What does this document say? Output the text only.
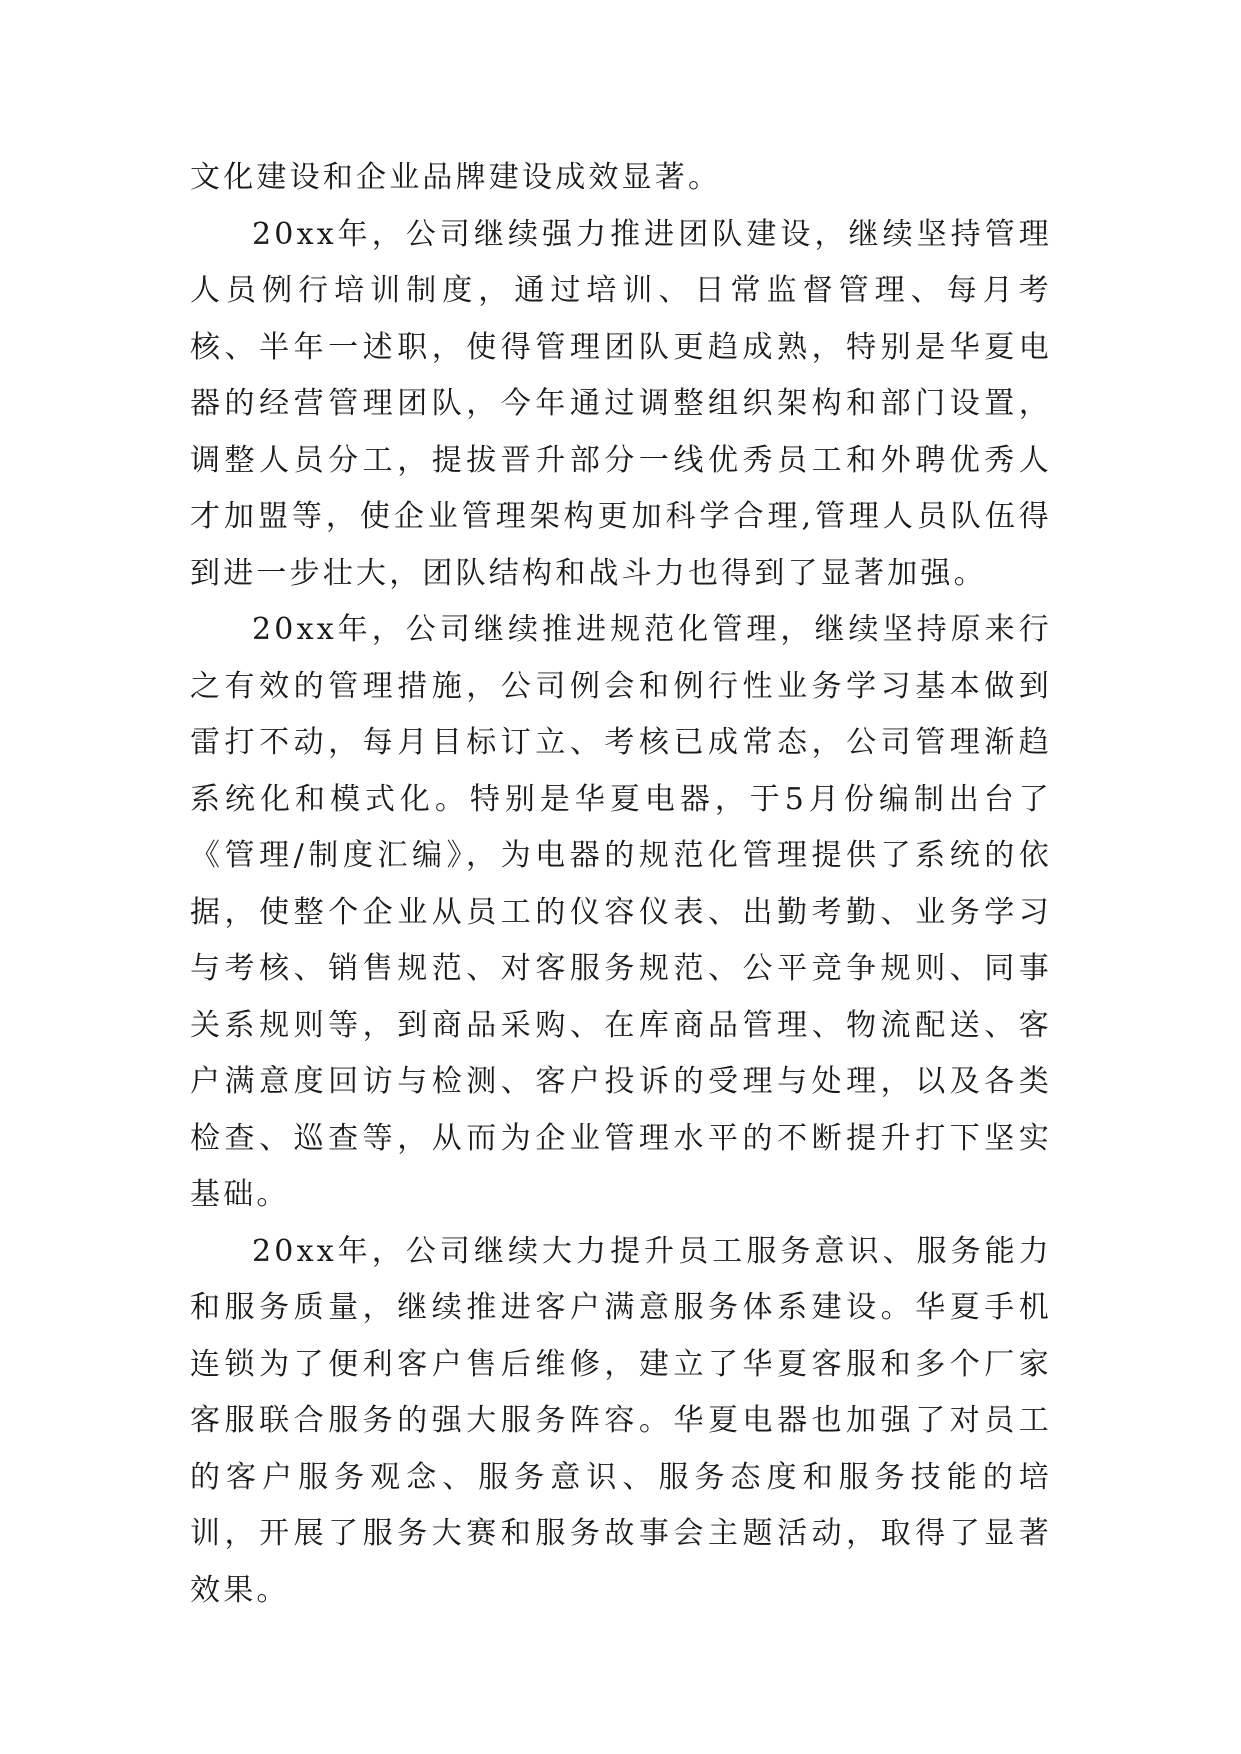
文化建设和企业品牌建设成效显著。

20xx年，公司继续强力推进团队建设，继续坚持管理人员例行培训制度，通过培训、日常监督管理、每月考核、半年一述职，使得管理团队更趋成熟，特别是华夏电器的经营管理团队，今年通过调整组织架构和部门设置，调整人员分工，提拔晋升部分一线优秀员工和外聘优秀人才加盟等，使企业管理架构更加科学合理,管理人员队伍得到进一步壮大，团队结构和战斗力也得到了显著加强。

20xx年，公司继续推进规范化管理，继续坚持原来行之有效的管理措施，公司例会和例行性业务学习基本做到雷打不动，每月目标订立、考核已成常态，公司管理渐趋系统化和模式化。特别是华夏电器，于5月份编制出台了《管理/制度汇编》，为电器的规范化管理提供了系统的依据，使整个企业从员工的仪容仪表、出勤考勤、业务学习与考核、销售规范、对客服务规范、公平竞争规则、同事关系规则等，到商品采购、在库商品管理、物流配送、客户满意度回访与检测、客户投诉的受理与处理，以及各类检查、巡查等，从而为企业管理水平的不断提升打下坚实基础。

20xx年，公司继续大力提升员工服务意识、服务能力和服务质量，继续推进客户满意服务体系建设。华夏手机连锁为了便利客户售后维修，建立了华夏客服和多个厂家客服联合服务的强大服务阵容。华夏电器也加强了对员工的客户服务观念、服务意识、服务态度和服务技能的培训，开展了服务大赛和服务故事会主题活动，取得了显著效果。
